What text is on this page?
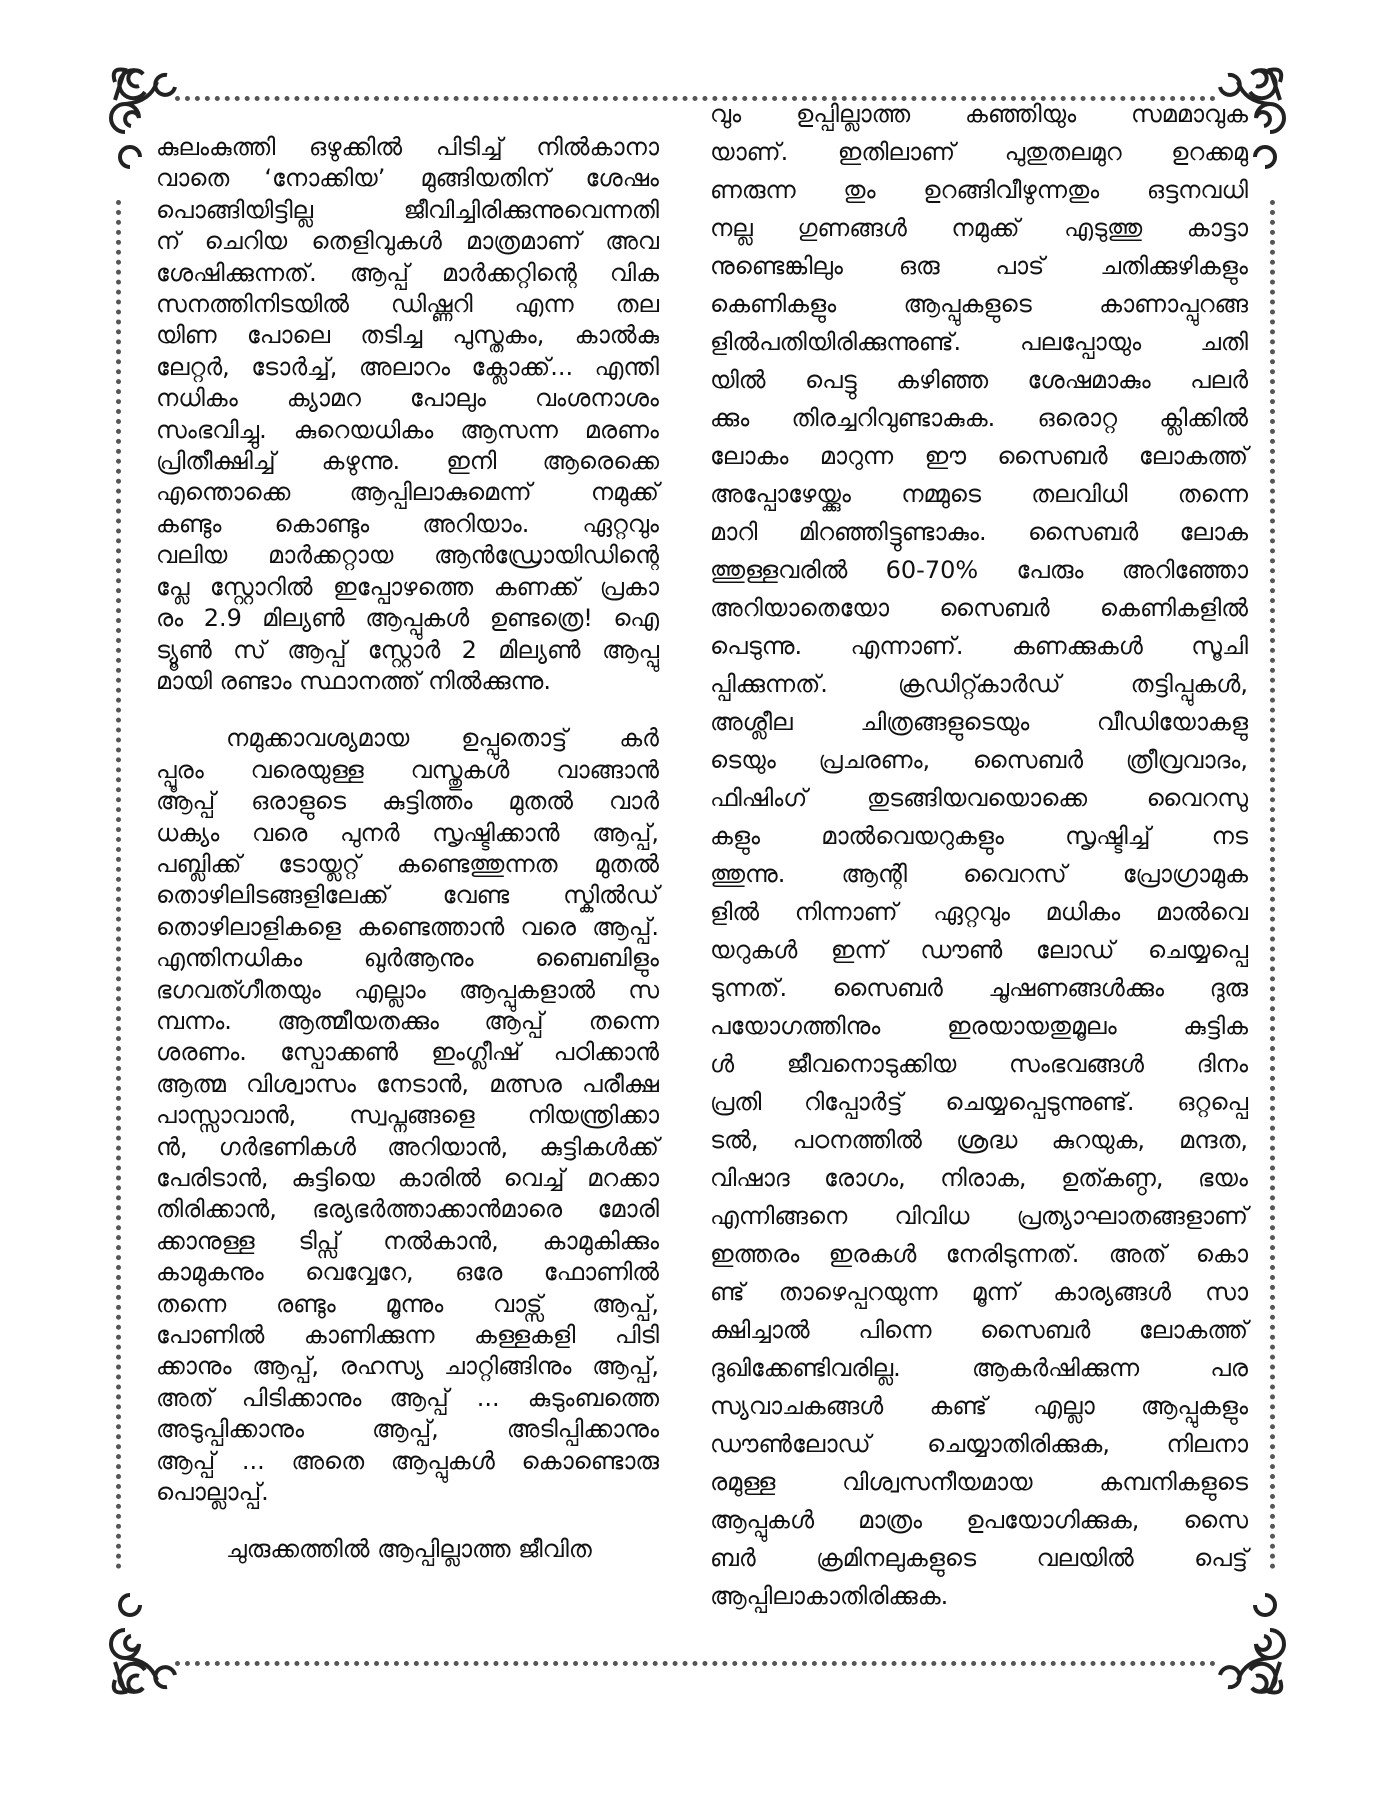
കുലംകുത്തി ഒഴുക്കിൽ പിടിച്ച് നിൽകാനാ
വാതെ ‘നോക്കിയ’ മുങ്ങിയതിന് ശേഷം
പൊങ്ങിയിട്ടില്ല ജീവിച്ചിരിക്കുന്നുവെന്നതി
ന് ചെറിയ തെളിവുകൾ മാത്രമാണ് അവ
ശേഷിക്കുന്നത്. ആപ്പ് മാർക്കറ്റിന്റെ വിക
സനത്തിനിടയിൽ ഡിഷ്ണറി എന്ന തല
യിണ പോലെ തടിച്ച പുസ്തകം, കാൽകു
ലേറ്റർ, ടോർച്ച്, അലാറം ക്ലോക്ക്... എന്തി
നധികം ക്യാമറ പോലും വംശനാശം
സംഭവിച്ചു. കുറെയധികം ആസന്ന മരണം
പ്രിതീക്ഷിച്ച് കഴുന്നു. ഇനി ആരെക്കെ
എന്തൊക്കെ ആപ്പിലാകുമെന്ന് നമുക്ക്
കണ്ടും കൊണ്ടും അറിയാം. ഏറ്റവും
വലിയ മാർക്കറ്റായ ആൻഡ്രോയിഡിന്റെ
പ്ലേ സ്റ്റോറിൽ ഇപ്പോഴത്തെ കണക്ക് പ്രകാ
രം 2.9 മില്യൺ ആപ്പുകൾ ഉണ്ടത്രെ! ഐ
ട്യൂൺ സ് ആപ്പ് സ്റ്റോർ 2 മില്യൺ ആപ്പു
മായി രണ്ടാം സ്ഥാനത്ത് നിൽക്കുന്നു.
നമുക്കാവശ്യമായ ഉപ്പുതൊട്ട് കർ
പ്പൂരം വരെയുള്ള വസ്തുകൾ വാങ്ങാൻ
ആപ്പ് ഒരാളുടെ കുട്ടിത്തം മുതൽ വാർ
ധക്യം വരെ പുനർ സൃഷ്ടിക്കാൻ ആപ്പ്,
പബ്ലിക്ക് ടോയ്ലറ്റ് കണ്ടെത്തുന്നത മുതൽ
തൊഴിലിടങ്ങളിലേക്ക് വേണ്ട സ്കിൽഡ്
തൊഴിലാളികളെ കണ്ടെത്താൻ വരെ ആപ്പ്.
എന്തിനധികം ഖുർആനും ബൈബിളും
ഭഗവത്ഗീതയും എല്ലാം ആപ്പുകളാൽ സ
മ്പന്നം. ആത്മീയതക്കും ആപ്പ് തന്നെ
ശരണം. സ്പോക്കൺ ഇംഗ്ലീഷ് പഠിക്കാൻ
ആത്മ വിശ്വാസം നേടാൻ, മത്സര പരീക്ഷ
പാസ്സാവാൻ, സ്വപ്നങ്ങളെ നിയന്ത്രിക്കാ
ൻ, ഗർഭണികൾ അറിയാൻ, കുട്ടികൾക്ക്
പേരിടാൻ, കുട്ടിയെ കാരിൽ വെച്ച് മറക്കാ
തിരിക്കാൻ, ഭര്യഭർത്താക്കാൻമാരെ മോരി
ക്കാനുള്ള ടിപ്സ് നൽകാൻ, കാമുകിക്കും
കാമുകനും വെവ്വേറേ, ഒരേ ഫോണിൽ
തന്നെ രണ്ടും മൂന്നും വാട്സ് ആപ്പ്,
പോണിൽ കാണിക്കുന്ന കള്ളകളി പിടി
ക്കാനും ആപ്പ്, രഹസ്യ ചാറ്റിങ്ങിനും ആപ്പ്,
അത് പിടിക്കാനും ആപ്പ് ... കുടുംബത്തെ
അടുപ്പിക്കാനും ആപ്പ്, അടിപ്പിക്കാനും
ആപ്പ് ... അതെ ആപ്പുകൾ കൊണ്ടൊരു
പൊല്ലാപ്പ്.
ചുരുക്കത്തിൽ ആപ്പില്ലാത്ത ജീവിത
വും ഉപ്പില്ലാത്ത കഞ്ഞിയും സമമാവുക
യാണ്. ഇതിലാണ് പുതുതലമുറ ഉറക്കമു
ണരുന്ന തും ഉറങ്ങിവീഴുന്നതും ഒട്ടനവധി
നല്ല ഗുണങ്ങൾ നമുക്ക് എടുത്തു കാട്ടാ
നുണ്ടെങ്കിലും ഒരു പാട് ചതിക്കുഴികളും
കെണികളും ആപ്പുകളുടെ കാണാപ്പുറങ്ങ
ളിൽപതിയിരിക്കുന്നുണ്ട്. പലപ്പോയും ചതി
യിൽ പെട്ടു കഴിഞ്ഞ ശേഷമാകും പലർ
ക്കും തിരച്ചറിവുണ്ടാകുക. ഒരൊറ്റ ക്ലിക്കിൽ
ലോകം മാറുന്ന ഈ സൈബർ ലോകത്ത്
അപ്പോഴേയ്ക്കും നമ്മുടെ തലവിധി തന്നെ
മാറി മിറഞ്ഞിട്ടുണ്ടാകും. സൈബർ ലോക
ത്തുള്ളവരിൽ 60-70% പേരും അറിഞ്ഞോ
അറിയാതെയോ സൈബർ കെണികളിൽ
പെടുന്നു. എന്നാണ്. കണക്കുകൾ സൂചി
പ്പിക്കുന്നത്. ക്രഡിറ്റ്കാർഡ് തട്ടിപ്പുകൾ,
അശ്ലീല ചിത്രങ്ങളുടെയും വീഡിയോകളു
ടെയും പ്രചരണം, സൈബർ ത്രീവ്രവാദം,
ഫിഷിംഗ് തുടങ്ങിയവയൊക്കെ വൈറസു
കളും മാൽവെയറുകളും സൃഷ്ടിച്ച് നട
ത്തുന്നു. ആന്റി വൈറസ് പ്രോഗ്രാമുക
ളിൽ നിന്നാണ് ഏറ്റവും മധികം മാൽവെ
യറുകൾ ഇന്ന് ഡൗൺ ലോഡ് ചെയ്യപ്പെ
ടുന്നത്. സൈബർ ചൂഷണങ്ങൾക്കും ദുരു
പയോഗത്തിനും ഇരയായതുമൂലം കുട്ടിക
ൾ ജീവനൊടുക്കിയ സംഭവങ്ങൾ ദിനം
പ്രതി റിപ്പോർട്ട് ചെയ്യപ്പെടുന്നുണ്ട്. ഒറ്റപ്പെ
ടൽ, പഠനത്തിൽ ശ്രദ്ധ കുറയുക, മന്ദത,
വിഷാദ രോഗം, നിരാക, ഉത്കണ്ഠ, ഭയം
എന്നിങ്ങനെ വിവിധ പ്രത്യാഘാതങ്ങളാണ്
ഇത്തരം ഇരകൾ നേരിടുന്നത്. അത് കൊ
ണ്ട് താഴെപ്പറയുന്ന മൂന്ന് കാര്യങ്ങൾ സാ
ക്ഷിച്ചാൽ പിന്നെ സൈബർ ലോകത്ത്
ദുഖിക്കേണ്ടിവരില്ല. ആകർഷിക്കുന്ന പര
സ്യവാചകങ്ങൾ കണ്ട് എല്ലാ ആപ്പുകളും
ഡൗൺലോഡ് ചെയ്യാതിരിക്കുക, നിലനാ
രമുള്ള വിശ്വസനീയമായ കമ്പനികളുടെ
ആപ്പുകൾ മാത്രം ഉപയോഗിക്കുക, സൈ
ബർ ക്രമിനലുകളുടെ വലയിൽ പെട്ട്
ആപ്പിലാകാതിരിക്കുക.
